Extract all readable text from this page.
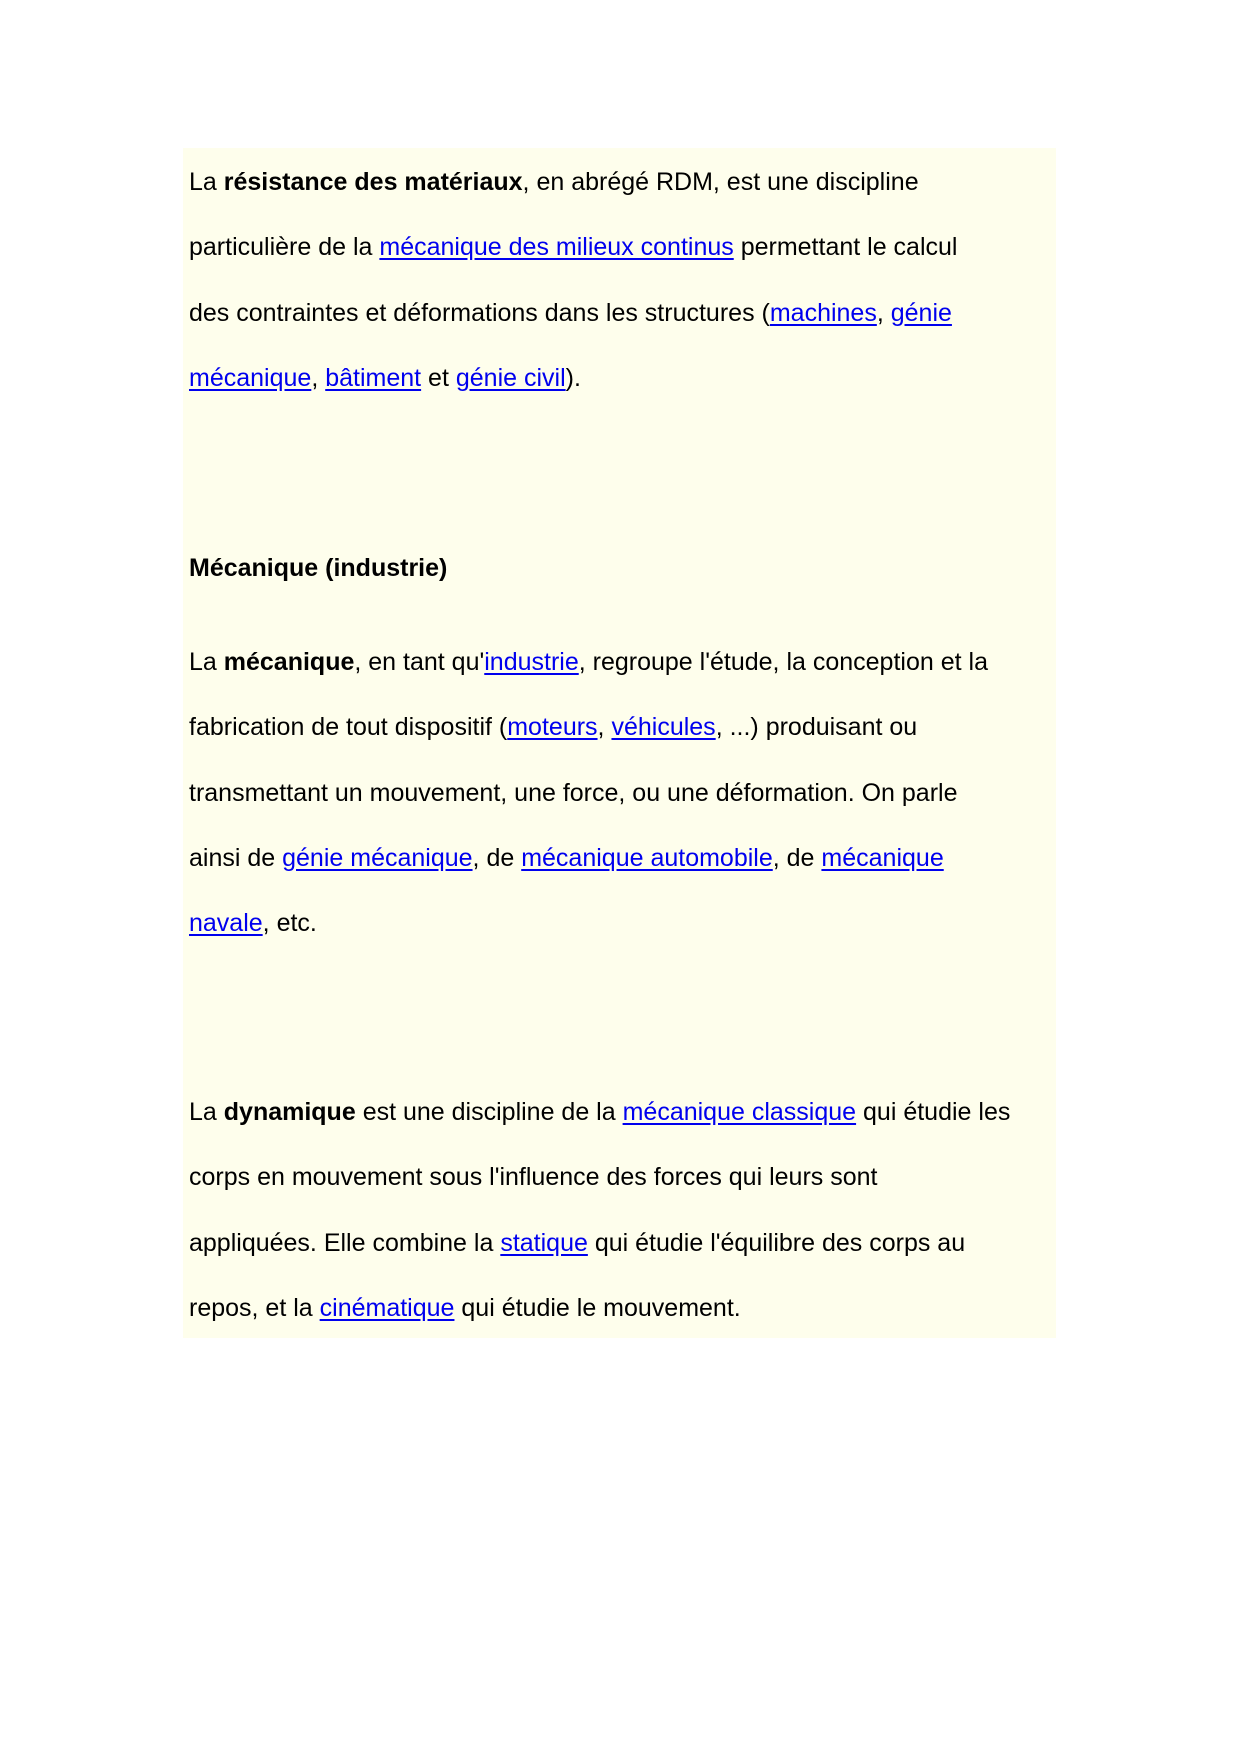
La résistance des matériaux, en abrégé RDM, est une discipline
particulière de la mécanique des milieux continus permettant le calcul
des contraintes et déformations dans les structures (machines, génie
mécanique, bâtiment et génie civil).

Mécanique (industrie)

La mécanique, en tant qu'industrie, regroupe l'étude, la conception et la
fabrication de tout dispositif (moteurs, véhicules, ...) produisant ou
transmettant un mouvement, une force, ou une déformation. On parle
ainsi de génie mécanique, de mécanique automobile, de mécanique
navale, etc.

La dynamique est une discipline de la mécanique classique qui étudie les
corps en mouvement sous l'influence des forces qui leurs sont
appliquées. Elle combine la statique qui étudie l'équilibre des corps au
repos, et la cinématique qui étudie le mouvement.
